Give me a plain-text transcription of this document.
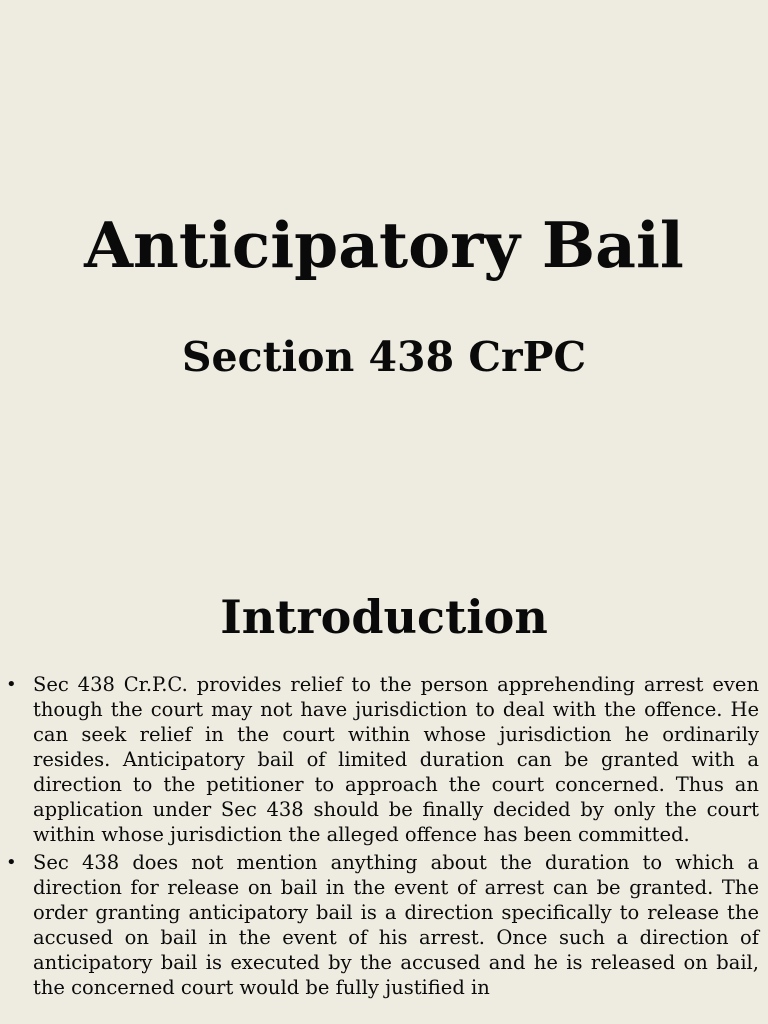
Anticipatory Bail
Section 438 CrPC
Introduction
• Sec 438 Cr.P.C. provides relief to the person apprehending arrest even though the court may not have jurisdiction to deal with the offence. He can seek relief in the court within whose jurisdiction he ordinarily resides. Anticipatory bail of limited duration can be granted with a direction to the petitioner to approach the court concerned. Thus an application under Sec 438 should be finally decided by only the court within whose jurisdiction the alleged offence has been committed.
• Sec 438 does not mention anything about the duration to which a direction for release on bail in the event of arrest can be granted. The order granting anticipatory bail is a direction specifically to release the accused on bail in the event of his arrest. Once such a direction of anticipatory bail is executed by the accused and he is released on bail, the concerned court would be fully justified in
